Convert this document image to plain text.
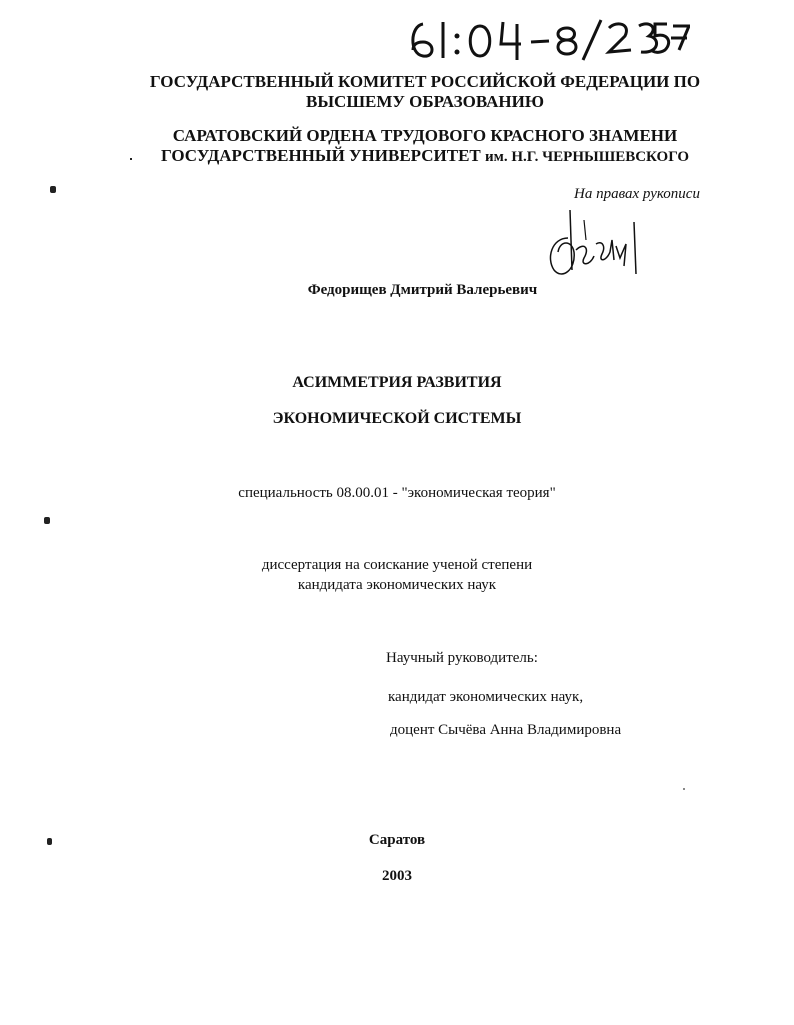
ГОСУДАРСТВЕННЫЙ КОМИТЕТ РОССИЙСКОЙ ФЕДЕРАЦИИ ПО
ВЫСШЕМУ ОБРАЗОВАНИЮ
САРАТОВСКИЙ ОРДЕНА ТРУДОВОГО КРАСНОГО ЗНАМЕНИ
ГОСУДАРСТВЕННЫЙ УНИВЕРСИТЕТ им. Н.Г. ЧЕРНЫШЕВСКОГО
На правах рукописи
Федорищев Дмитрий Валерьевич
АСИММЕТРИЯ РАЗВИТИЯ
ЭКОНОМИЧЕСКОЙ СИСТЕМЫ
специальность 08.00.01 - "экономическая теория"
диссертация на соискание ученой степени
кандидата экономических наук
Научный руководитель:
кандидат экономических наук,
доцент Сычёва Анна Владимировна
Саратов
2003
